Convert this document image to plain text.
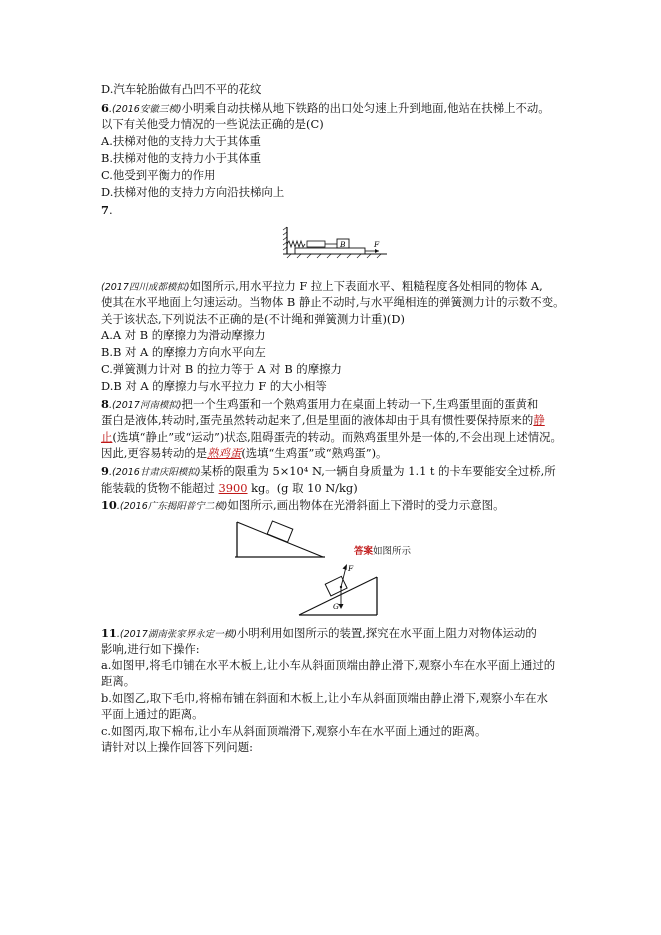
D.汽车轮胎做有凸凹不平的花纹
6.(2016安徽三模)小明乘自动扶梯从地下铁路的出口处匀速上升到地面,他站在扶梯上不动。
以下有关他受力情况的一些说法正确的是(C)
A.扶梯对他的支持力大于其体重
B.扶梯对他的支持力小于其体重
C.他受到平衡力的作用
D.扶梯对他的支持力方向沿扶梯向上
7.
B	F
(2017四川成都模拟)如图所示,用水平拉力 F 拉上下表面水平、粗糙程度各处相同的物体 A,
使其在水平地面上匀速运动。当物体 B 静止不动时,与水平绳相连的弹簧测力计的示数不变。
关于该状态,下列说法不正确的是(不计绳和弹簧测力计重)(D)
A.A 对 B 的摩擦力为滑动摩擦力
B.B 对 A 的摩擦力方向水平向左
C.弹簧测力计对 B 的拉力等于 A 对 B 的摩擦力
D.B 对 A 的摩擦力与水平拉力 F 的大小相等
8.(2017河南模拟)把一个生鸡蛋和一个熟鸡蛋用力在桌面上转动一下,生鸡蛋里面的蛋黄和
蛋白是液体,转动时,蛋壳虽然转动起来了,但是里面的液体却由于具有惯性要保持原来的静
止(选填“静止”或“运动”)状态,阻碍蛋壳的转动。而熟鸡蛋里外是一体的,不会出现上述情况。
因此,更容易转动的是熟鸡蛋(选填“生鸡蛋”或“熟鸡蛋”)。
9.(2016甘肃庆阳模拟)某桥的限重为 5×10⁴ N,一辆自身质量为 1.1 t 的卡车要能安全过桥,所
能装载的货物不能超过 3900 kg。(g 取 10 N/kg)
10.(2016广东揭阳普宁二模)如图所示,画出物体在光滑斜面上下滑时的受力示意图。
答案如图所示
F
G
11.(2017湖南张家界永定一模)小明利用如图所示的装置,探究在水平面上阻力对物体运动的
影响,进行如下操作:
a.如图甲,将毛巾铺在水平木板上,让小车从斜面顶端由静止滑下,观察小车在水平面上通过的
距离。
b.如图乙,取下毛巾,将棉布铺在斜面和木板上,让小车从斜面顶端由静止滑下,观察小车在水
平面上通过的距离。
c.如图丙,取下棉布,让小车从斜面顶端滑下,观察小车在水平面上通过的距离。
请针对以上操作回答下列问题:
